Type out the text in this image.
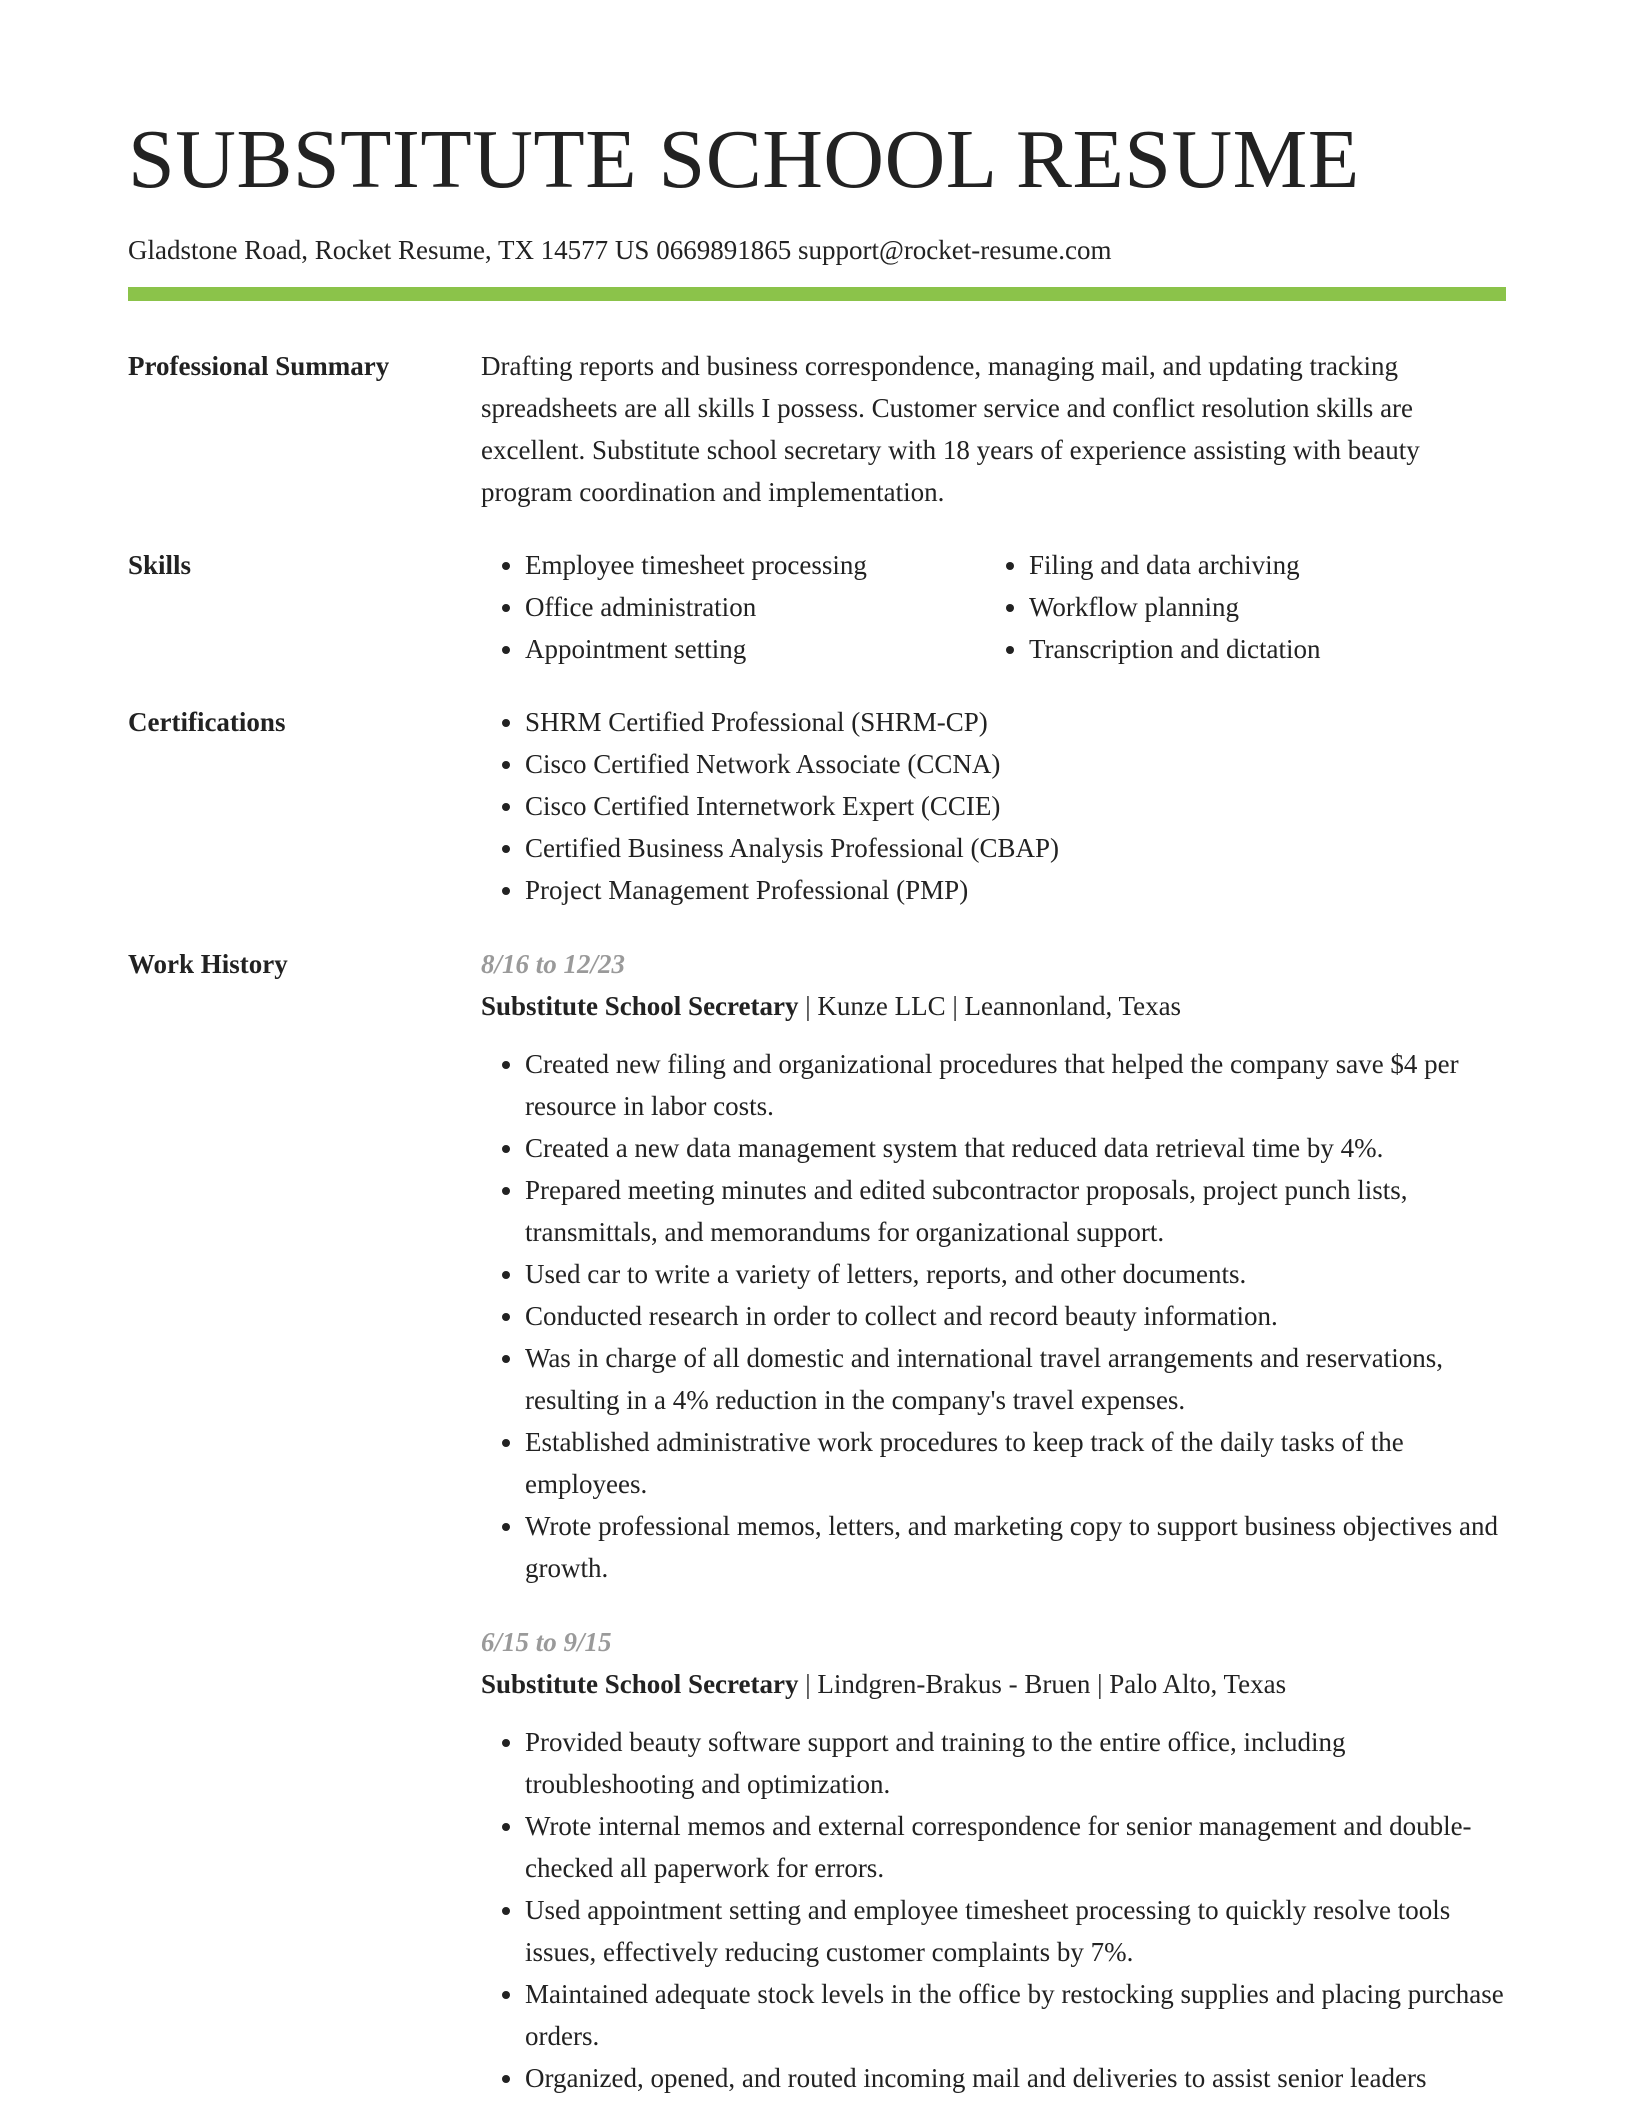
SUBSTITUTE SCHOOL RESUME
Gladstone Road, Rocket Resume, TX 14577 US 0669891865 support@rocket-resume.com
Professional Summary	Drafting reports and business correspondence, managing mail, and updating tracking spreadsheets are all skills I possess. Customer service and conflict resolution skills are excellent. Substitute school secretary with 18 years of experience assisting with beauty program coordination and implementation.

Skills	• Employee timesheet processing
• Office administration
• Appointment setting
• Filing and data archiving
• Workflow planning
• Transcription and dictation
Certifications	• SHRM Certified Professional (SHRM-CP)
• Cisco Certified Network Associate (CCNA)
• Cisco Certified Internetwork Expert (CCIE)
• Certified Business Analysis Professional (CBAP)
• Project Management Professional (PMP)
Work History	8/16 to 12/23

Substitute School Secretary | Kunze LLC | Leannonland, Texas

• Created new filing and organizational procedures that helped the company save $4 per resource in labor costs.
• Created a new data management system that reduced data retrieval time by 4%.
• Prepared meeting minutes and edited subcontractor proposals, project punch lists, transmittals, and memorandums for organizational support.
• Used car to write a variety of letters, reports, and other documents.
• Conducted research in order to collect and record beauty information.
• Was in charge of all domestic and international travel arrangements and reservations, resulting in a 4% reduction in the company's travel expenses.
• Established administrative work procedures to keep track of the daily tasks of the employees.
• Wrote professional memos, letters, and marketing copy to support business objectives and growth.

6/15 to 9/15

Substitute School Secretary | Lindgren-Brakus - Bruen | Palo Alto, Texas

• Provided beauty software support and training to the entire office, including troubleshooting and optimization.
• Wrote internal memos and external correspondence for senior management and double-checked all paperwork for errors.
• Used appointment setting and employee timesheet processing to quickly resolve tools issues, effectively reducing customer complaints by 7%.
• Maintained adequate stock levels in the office by restocking supplies and placing purchase orders.
• Organized, opened, and routed incoming mail and deliveries to assist senior leaders
